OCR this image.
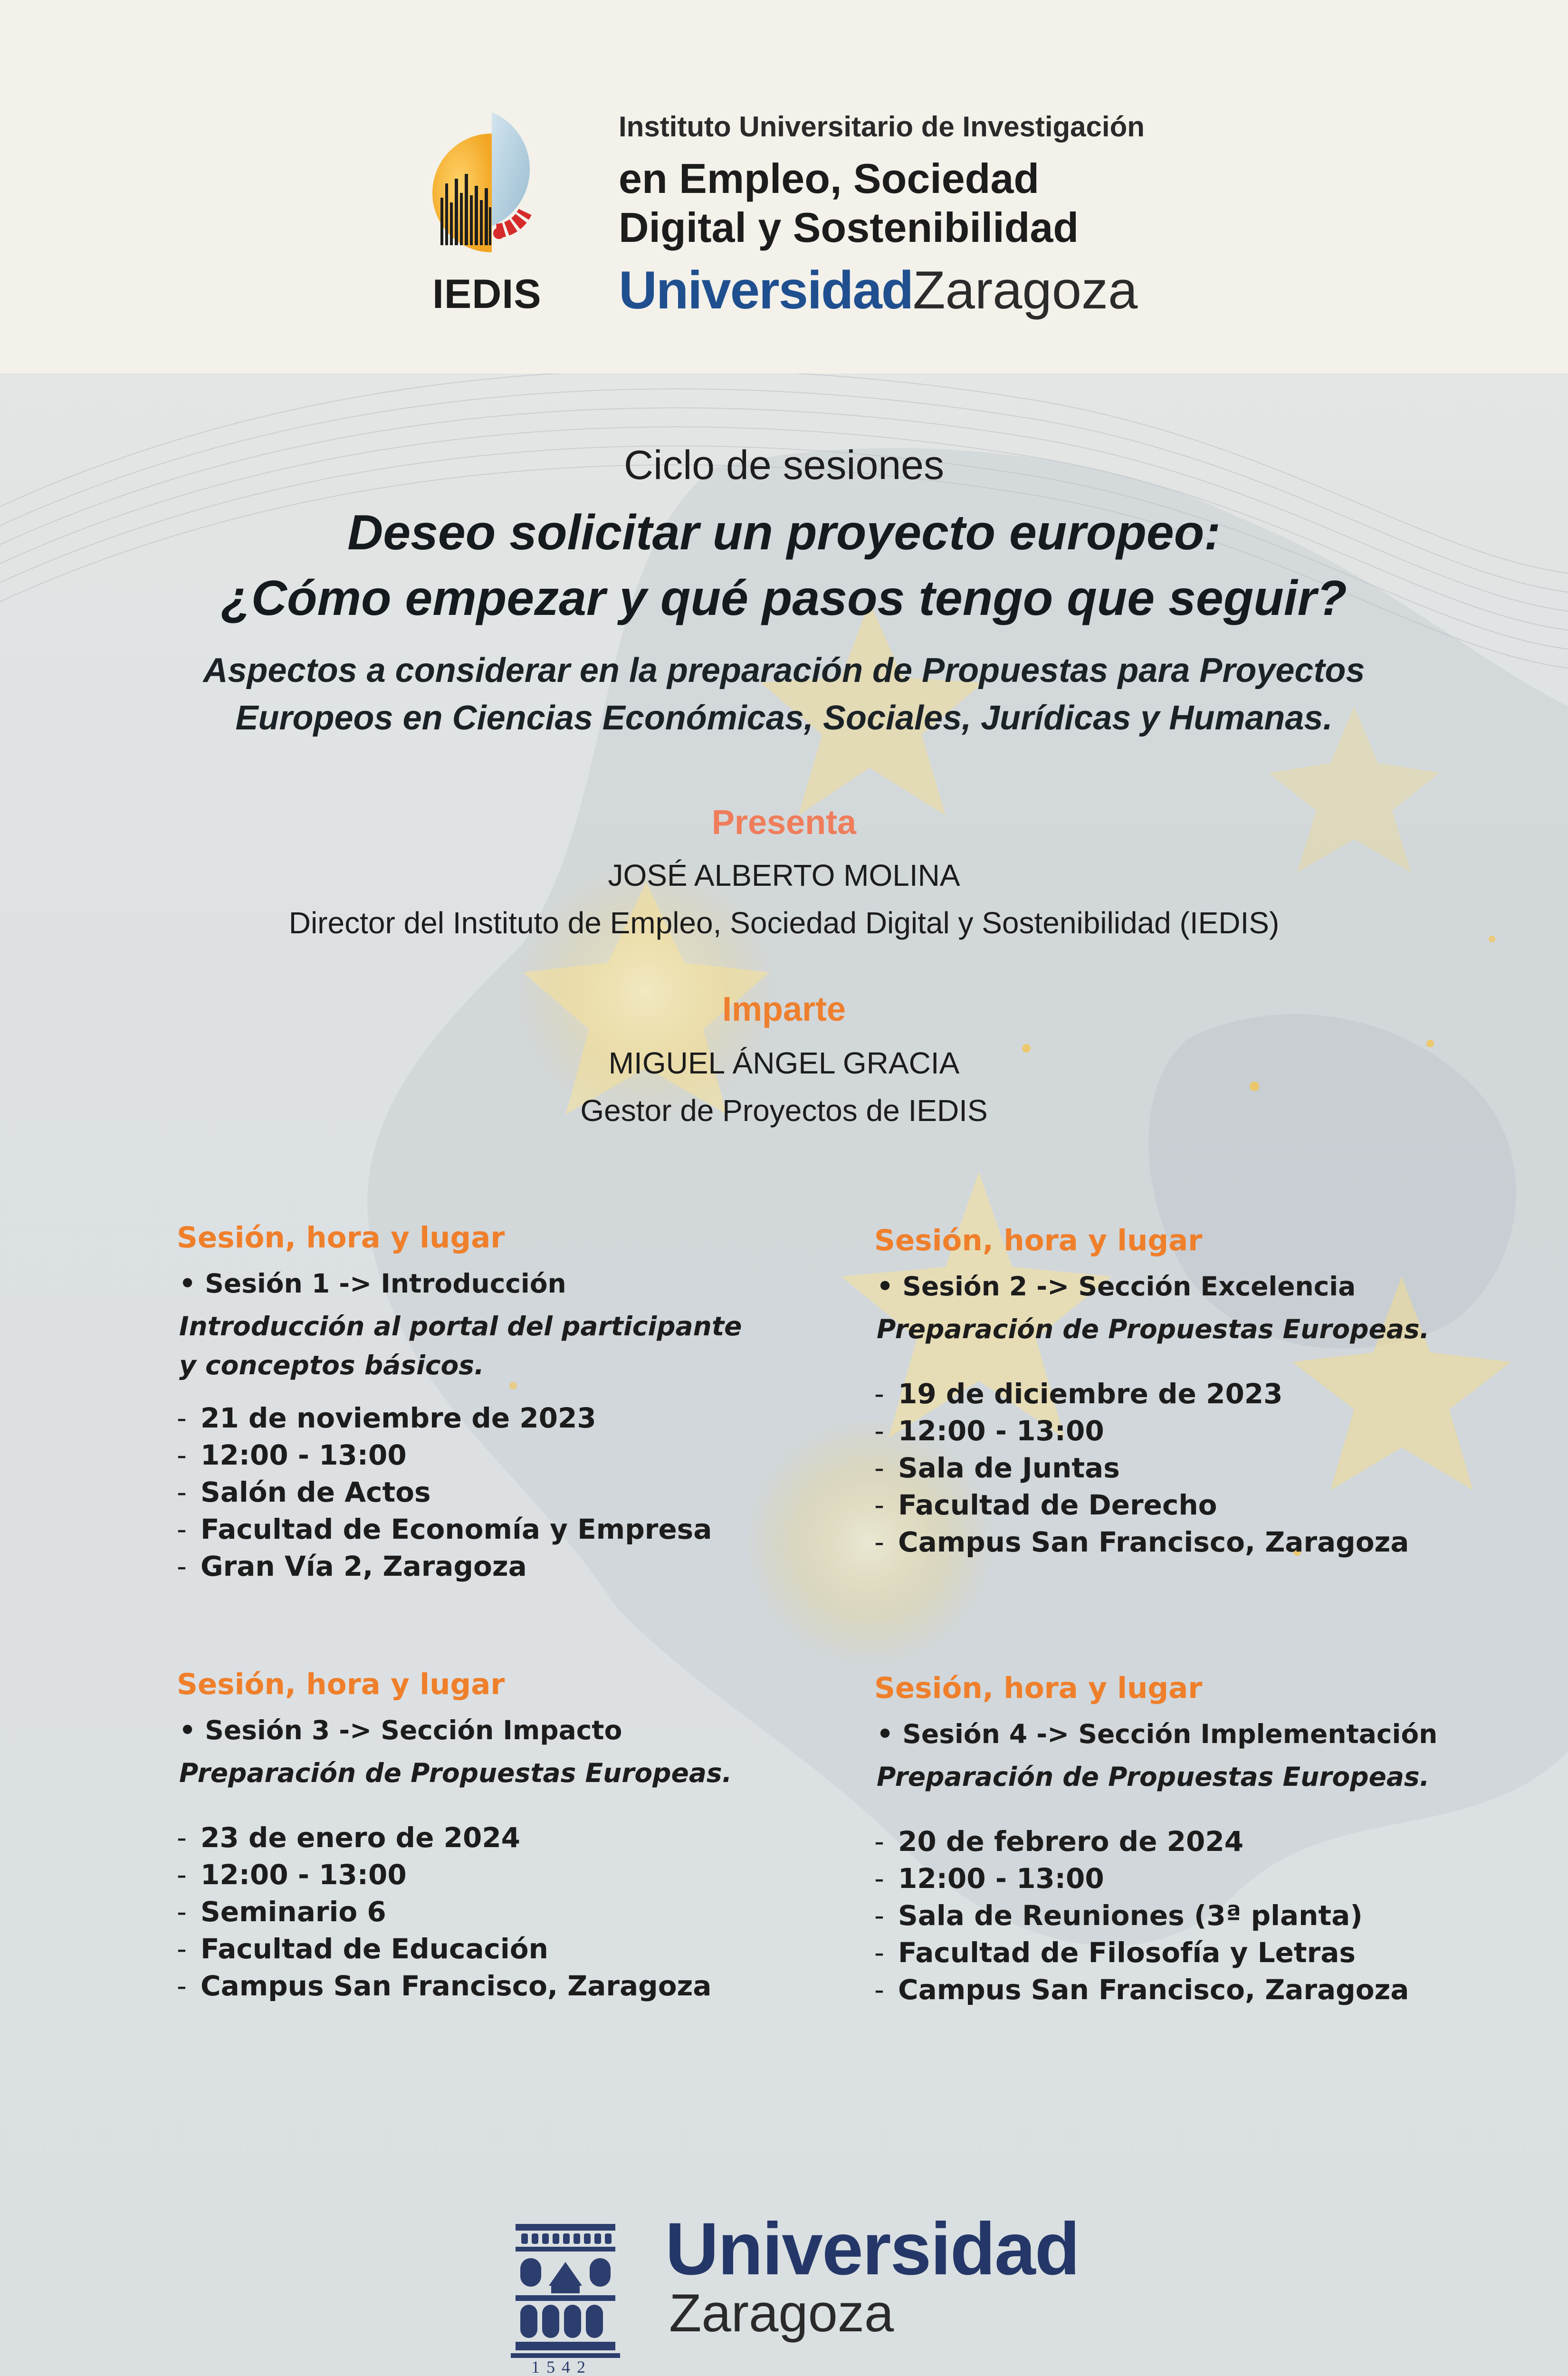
IEDIS
Instituto Universitario de Investigación
en Empleo, Sociedad
Digital y Sostenibilidad
UniversidadZaragoza
Ciclo de sesiones
Deseo solicitar un proyecto europeo:
¿Cómo empezar y qué pasos tengo que seguir?
Aspectos a considerar en la preparación de Propuestas para Proyectos
Europeos en Ciencias Económicas, Sociales, Jurídicas y Humanas.
Presenta
JOSÉ ALBERTO MOLINA
Director del Instituto de Empleo, Sociedad Digital y Sostenibilidad (IEDIS)
Imparte
MIGUEL ÁNGEL GRACIA
Gestor de Proyectos de IEDIS
Sesión, hora y lugar
• Sesión 1 -> Introducción
Introducción al portal del participante
y conceptos básicos.
- 21 de noviembre de 2023
- 12:00 - 13:00
- Salón de Actos
- Facultad de Economía y Empresa
- Gran Vía 2, Zaragoza
Sesión, hora y lugar
• Sesión 2 -> Sección Excelencia
Preparación de Propuestas Europeas.
- 19 de diciembre de 2023
- 12:00 - 13:00
- Sala de Juntas
- Facultad de Derecho
- Campus San Francisco, Zaragoza
Sesión, hora y lugar
• Sesión 3 -> Sección Impacto
Preparación de Propuestas Europeas.
- 23 de enero de 2024
- 12:00 - 13:00
- Seminario 6
- Facultad de Educación
- Campus San Francisco, Zaragoza
Sesión, hora y lugar
• Sesión 4 -> Sección Implementación
Preparación de Propuestas Europeas.
- 20 de febrero de 2024
- 12:00 - 13:00
- Sala de Reuniones (3ª planta)
- Facultad de Filosofía y Letras
- Campus San Francisco, Zaragoza
Universidad
Zaragoza
1542
